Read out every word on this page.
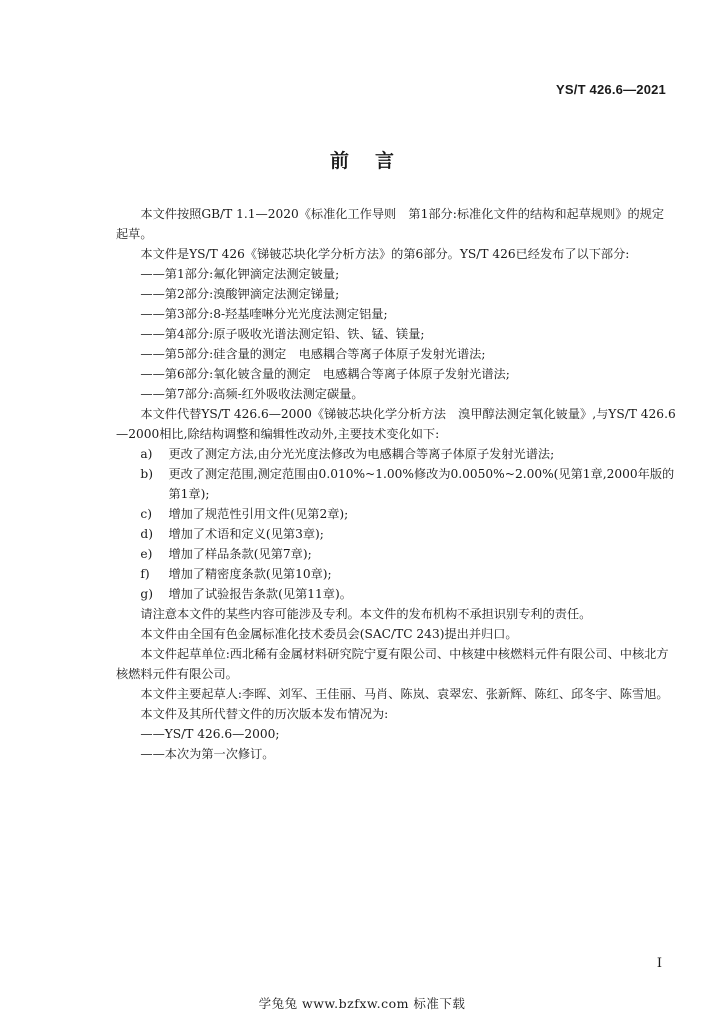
YS/T 426.6—2021
前言

本文件按照GB/T 1.1—2020《标准化工作导则　第1部分:标准化文件的结构和起草规则》的规定起草。

本文件是YS/T 426《锑铍芯块化学分析方法》的第6部分。YS/T 426已经发布了以下部分:

——第1部分:氟化钾滴定法测定铍量;

——第2部分:溴酸钾滴定法测定锑量;

——第3部分:8-羟基喹啉分光光度法测定铝量;

——第4部分:原子吸收光谱法测定铅、铁、锰、镁量;

——第5部分:硅含量的测定　电感耦合等离子体原子发射光谱法;

——第6部分:氧化铍含量的测定　电感耦合等离子体原子发射光谱法;

——第7部分:高频-红外吸收法测定碳量。

本文件代替YS/T 426.6—2000《锑铍芯块化学分析方法　溴甲醇法测定氧化铍量》,与YS/T 426.6—2000相比,除结构调整和编辑性改动外,主要技术变化如下:

a)	更改了测定方法,由分光光度法修改为电感耦合等离子体原子发射光谱法;
b)	更改了测定范围,测定范围由0.010%~1.00%修改为0.0050%~2.00%(见第1章,2000年版的第1章);
c)	增加了规范性引用文件(见第2章);
d)	增加了术语和定义(见第3章);
e)	增加了样品条款(见第7章);
f)	增加了精密度条款(见第10章);
g)	增加了试验报告条款(见第11章)。

请注意本文件的某些内容可能涉及专利。本文件的发布机构不承担识别专利的责任。

本文件由全国有色金属标准化技术委员会(SAC/TC 243)提出并归口。

本文件起草单位:西北稀有金属材料研究院宁夏有限公司、中核建中核燃料元件有限公司、中核北方核燃料元件有限公司。

本文件主要起草人:李晖、刘军、王佳丽、马肖、陈岚、袁翠宏、张新辉、陈红、邱冬宇、陈雪旭。

本文件及其所代替文件的历次版本发布情况为:

——YS/T 426.6—2000;

——本次为第一次修订。

I
学兔兔 www.bzfxw.com 标准下载
